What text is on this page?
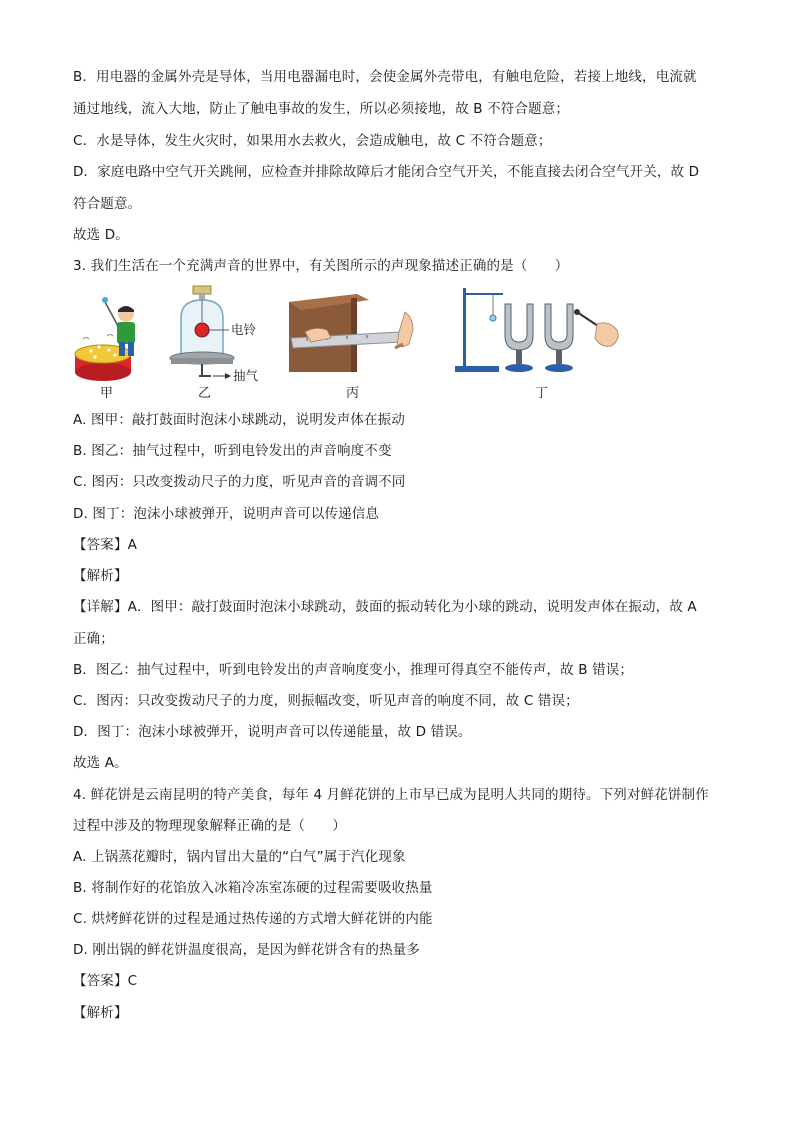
B．用电器的金属外壳是导体，当用电器漏电时，会使金属外壳带电，有触电危险，若接上地线，电流就
通过地线，流入大地，防止了触电事故的发生，所以必须接地，故 B 不符合题意；
C．水是导体，发生火灾时，如果用水去救火，会造成触电，故 C 不符合题意；
D．家庭电路中空气开关跳闸，应检查并排除故障后才能闭合空气开关，不能直接去闭合空气开关，故 D
符合题意。
故选 D。
3. 我们生活在一个充满声音的世界中，有关图所示的声现象描述正确的是（　　）
甲
电铃
抽气
乙	丙	丁
A. 图甲：敲打鼓面时泡沫小球跳动，说明发声体在振动
B. 图乙：抽气过程中，听到电铃发出的声音响度不变
C. 图丙：只改变拨动尺子的力度，听见声音的音调不同
D. 图丁：泡沫小球被弹开，说明声音可以传递信息
【答案】A
【解析】
【详解】A．图甲：敲打鼓面时泡沫小球跳动，鼓面的振动转化为小球的跳动，说明发声体在振动，故 A
正确；
B．图乙：抽气过程中，听到电铃发出的声音响度变小，推理可得真空不能传声，故 B 错误；
C．图丙：只改变拨动尺子的力度，则振幅改变，听见声音的响度不同，故 C 错误；
D．图丁：泡沫小球被弹开，说明声音可以传递能量，故 D 错误。
故选 A。
4. 鲜花饼是云南昆明的特产美食，每年 4 月鲜花饼的上市早已成为昆明人共同的期待。下列对鲜花饼制作
过程中涉及的物理现象解释正确的是（　　）
A. 上锅蒸花瓣时，锅内冒出大量的“白气”属于汽化现象
B. 将制作好的花馅放入冰箱冷冻室冻硬的过程需要吸收热量
C. 烘烤鲜花饼的过程是通过热传递的方式增大鲜花饼的内能
D. 刚出锅的鲜花饼温度很高，是因为鲜花饼含有的热量多
【答案】C
【解析】
